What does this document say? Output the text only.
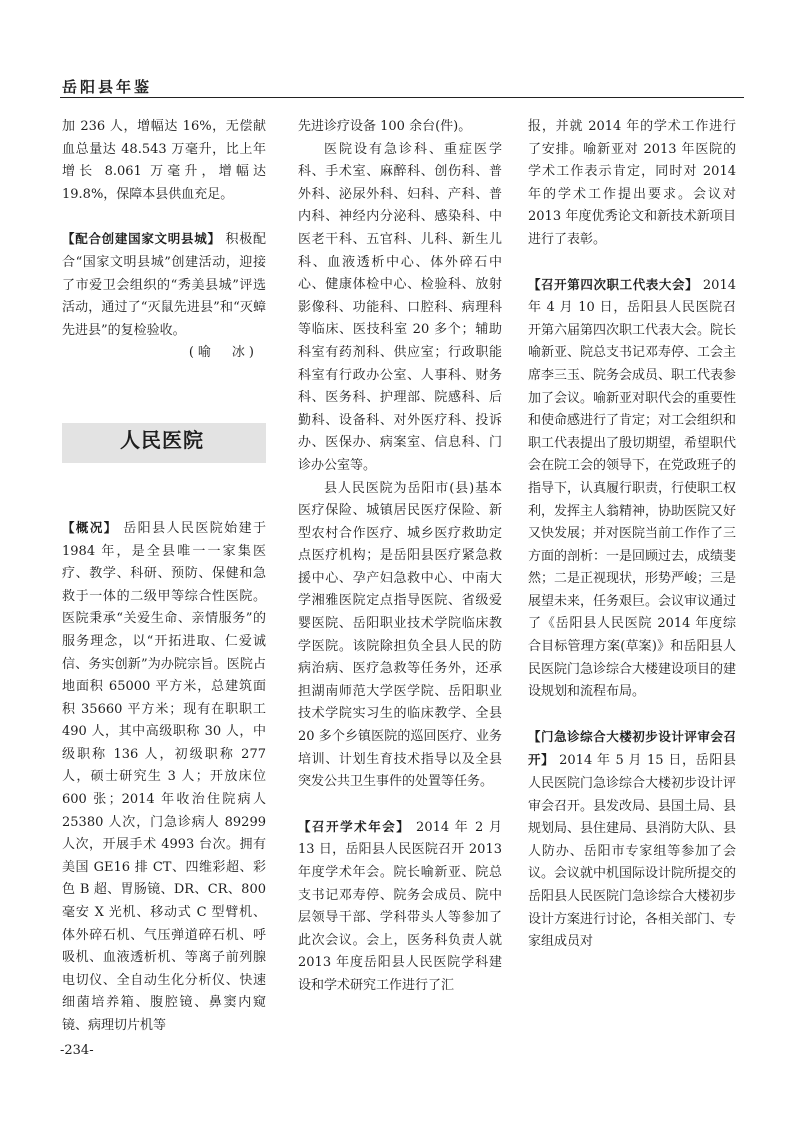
岳阳县年鉴

加 236 人，增幅达 16%，无偿献血总量达 48.543 万毫升，比上年增长 8.061 万毫升，增幅达 19.8%，保障本县供血充足。

【配合创建国家文明县城】 积极配合“国家文明县城”创建活动，迎接了市爱卫会组织的“秀美县城”评选活动，通过了“灭鼠先进县”和“灭蟑先进县”的复检验收。

(喻　冰)

人民医院

【概况】 岳阳县人民医院始建于 1984 年，是全县唯一一家集医疗、教学、科研、预防、保健和急救于一体的二级甲等综合性医院。医院秉承“关爱生命、亲情服务”的服务理念，以“开拓进取、仁爱诚信、务实创新”为办院宗旨。医院占地面积 65000 平方米，总建筑面积 35660 平方米；现有在职职工 490 人，其中高级职称 30 人，中级职称 136 人，初级职称 277 人，硕士研究生 3 人；开放床位 600 张；2014 年收治住院病人 25380 人次，门急诊病人 89299 人次，开展手术 4993 台次。拥有美国 GE16 排 CT、四维彩超、彩色 B 超、胃肠镜、DR、CR、800 毫安 X 光机、移动式 C 型臂机、体外碎石机、气压弹道碎石机、呼吸机、血液透析机、等离子前列腺电切仪、全自动生化分析仪、快速细菌培养箱、腹腔镜、鼻窦内窥镜、病理切片机等

先进诊疗设备 100 余台(件)。

医院设有急诊科、重症医学科、手术室、麻醉科、创伤科、普外科、泌尿外科、妇科、产科、普内科、神经内分泌科、感染科、中医老干科、五官科、儿科、新生儿科、血液透析中心、体外碎石中心、健康体检中心、检验科、放射影像科、功能科、口腔科、病理科等临床、医技科室 20 多个；辅助科室有药剂科、供应室；行政职能科室有行政办公室、人事科、财务科、医务科、护理部、院感科、后勤科、设备科、对外医疗科、投诉办、医保办、病案室、信息科、门诊办公室等。

县人民医院为岳阳市(县)基本医疗保险、城镇居民医疗保险、新型农村合作医疗、城乡医疗救助定点医疗机构；是岳阳县医疗紧急救援中心、孕产妇急救中心、中南大学湘雅医院定点指导医院、省级爱婴医院、岳阳职业技术学院临床教学医院。该院除担负全县人民的防病治病、医疗急救等任务外，还承担湖南师范大学医学院、岳阳职业技术学院实习生的临床教学、全县 20 多个乡镇医院的巡回医疗、业务培训、计划生育技术指导以及全县突发公共卫生事件的处置等任务。

【召开学术年会】 2014 年 2 月 13 日，岳阳县人民医院召开 2013 年度学术年会。院长喻新亚、院总支书记邓寿停、院务会成员、院中层领导干部、学科带头人等参加了此次会议。会上，医务科负责人就2013 年度岳阳县人民医院学科建设和学术研究工作进行了汇

报，并就 2014 年的学术工作进行了安排。喻新亚对 2013 年医院的学术工作表示肯定，同时对 2014 年的学术工作提出要求。会议对 2013 年度优秀论文和新技术新项目进行了表彰。

【召开第四次职工代表大会】 2014 年 4 月 10 日，岳阳县人民医院召开第六届第四次职工代表大会。院长喻新亚、院总支书记邓寿停、工会主席李三玉、院务会成员、职工代表参加了会议。喻新亚对职代会的重要性和使命感进行了肯定；对工会组织和职工代表提出了殷切期望，希望职代会在院工会的领导下，在党政班子的指导下，认真履行职责，行使职工权利，发挥主人翁精神，协助医院又好又快发展；并对医院当前工作作了三方面的剖析：一是回顾过去，成绩斐然；二是正视现状，形势严峻；三是展望未来，任务艰巨。会议审议通过了《岳阳县人民医院 2014 年度综合目标管理方案(草案)》和岳阳县人民医院门急诊综合大楼建设项目的建设规划和流程布局。

【门急诊综合大楼初步设计评审会召开】 2014 年 5 月 15 日，岳阳县人民医院门急诊综合大楼初步设计评审会召开。县发改局、县国土局、县规划局、县住建局、县消防大队、县人防办、岳阳市专家组等参加了会议。会议就中机国际设计院所提交的岳阳县人民医院门急诊综合大楼初步设计方案进行讨论，各相关部门、专家组成员对

-234-
